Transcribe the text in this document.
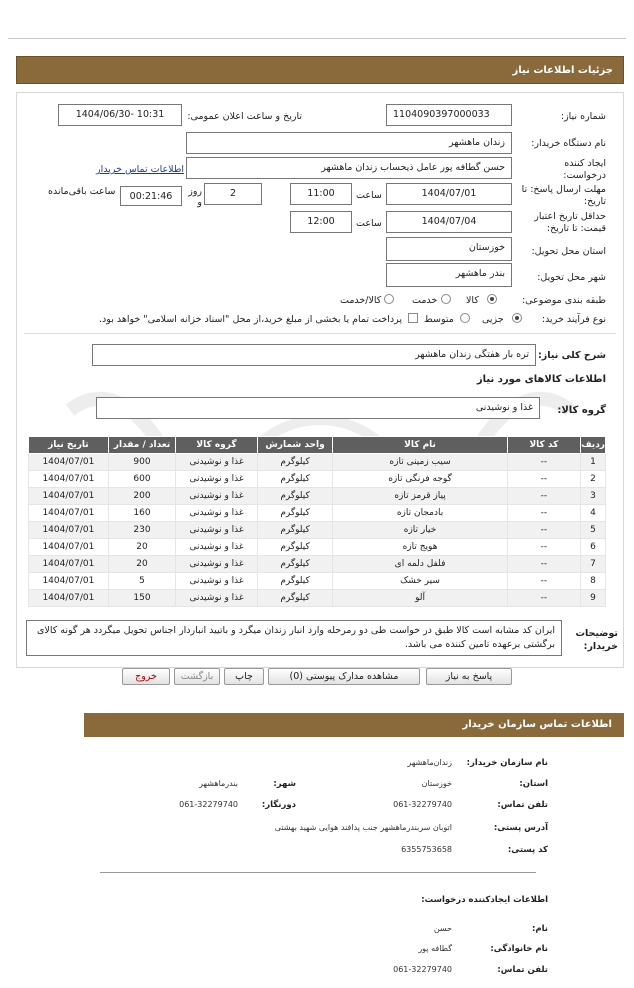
جزئیات اطلاعات نیاز
شماره نیاز:
1104090397000033
تاریخ و ساعت اعلان عمومی:
1404/06/30- 10:31
نام دستگاه خریدار:
زندان ماهشهر
ایجاد کننده درخواست:
حسن گطافه پور عامل ذیحساب زندان ماهشهر
اطلاعات تماس خریدار
مهلت ارسال پاسخ: تا تاریخ:
1404/07/01
ساعت
11:00
2
روز و
00:21:46
ساعت باقی‌مانده
حداقل تاریخ اعتبار قیمت: تا تاریخ:
1404/07/04
ساعت
12:00
استان محل تحویل:
خوزستان
شهر محل تحویل:
بندر ماهشهر
طبقه بندی موضوعی:
کالا
خدمت
کالا/خدمت
نوع فرآیند خرید:
جزیی
متوسط
پرداخت تمام یا بخشی از مبلغ خرید،از محل "اسناد خزانه اسلامی" خواهد بود.
شرح کلی نیاز:
تره بار هفتگی زندان ماهشهر
اطلاعات کالاهای مورد نیاز
گروه کالا:
غذا و نوشیدنی
ردیف	کد کالا	نام کالا	واحد شمارش	گروه کالا	تعداد / مقدار	تاریخ نیاز
1	--	سیب زمینی تازه	کیلوگرم	غذا و نوشیدنی	900	1404/07/01
2	--	گوجه فرنگی تازه	کیلوگرم	غذا و نوشیدنی	600	1404/07/01
3	--	پیاز قرمز تازه	کیلوگرم	غذا و نوشیدنی	200	1404/07/01
4	--	بادمجان تازه	کیلوگرم	غذا و نوشیدنی	160	1404/07/01
5	--	خیار تازه	کیلوگرم	غذا و نوشیدنی	230	1404/07/01
6	--	هویج تازه	کیلوگرم	غذا و نوشیدنی	20	1404/07/01
7	--	فلفل دلمه ای	کیلوگرم	غذا و نوشیدنی	20	1404/07/01
8	--	سیر خشک	کیلوگرم	غذا و نوشیدنی	5	1404/07/01
9	--	آلو	کیلوگرم	غذا و نوشیدنی	150	1404/07/01
توضیحات خریدار:
ایران کد مشابه است کالا طبق در خواست طی دو رمرحله وارد انبار زندان میگرد و باتیید انباردار اجناس تحویل میگردد هر گونه کالای برگشتی برعهده تامین کننده می باشد.
پاسخ به نیاز
مشاهده مدارک پیوستی (0)
چاپ
بازگشت
خروج
اطلاعات تماس سازمان خریدار
نام سازمان خریدار:
زندان‌ماهشهر
استان:
خوزستان
شهر:
بندرماهشهر
تلفن تماس:
061-32279740
دورنگار:
061-32279740
آدرس پستی:
اتوبان سربندرماهشهر جنب پدافند هوایی شهید بهشتی
کد پستی:
6355753658
اطلاعات ایجادکننده درخواست:
نام:
حسن
نام خانوادگی:
گطافه پور
تلفن تماس:
061-32279740
